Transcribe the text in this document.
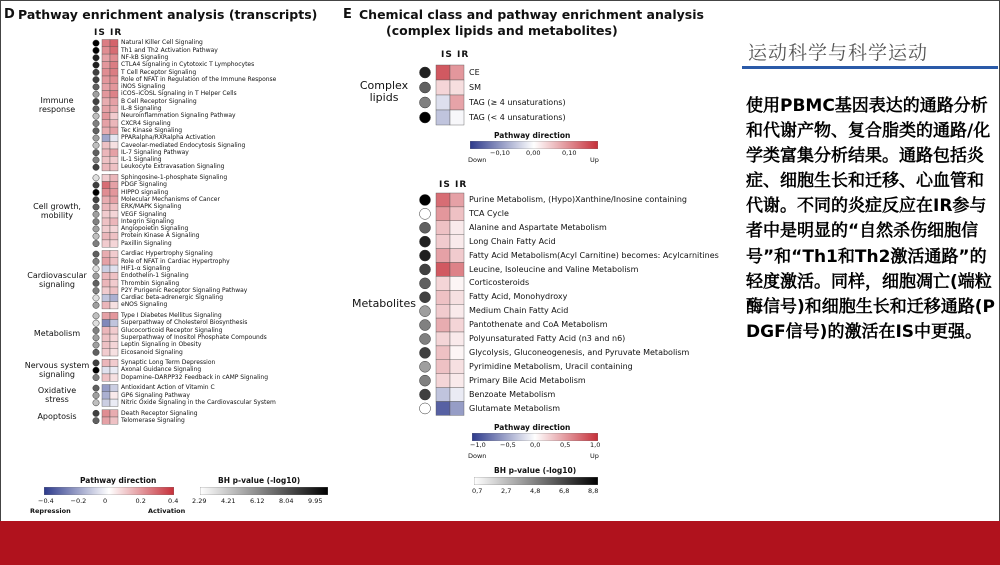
D Pathway enrichment analysis (transcripts)
IS IR
Natural Killer Cell Signaling
Th1 and Th2 Activation Pathway
NF-kB Signaling
CTLA4 Signaling in Cytotoxic T Lymphocytes
T Cell Receptor Signaling
Role of NFAT in Regulation of the Immune Response
iNOS Signaling
iCOS–iCOSL Signaling in T Helper Cells
B Cell Receptor Signaling
IL-8 Signaling
Neuroinflammation Signaling Pathway
CXCR4 Signaling
Tec Kinase Signaling
PPARalpha/RXRalpha Activation
Caveolar-mediated Endocytosis Signaling
IL-7 Signaling Pathway
IL-1 Signaling
Leukocyte Extravasation Signaling
Sphingosine-1-phosphate Signaling
PDGF Signaling
HIPPO signaling
Molecular Mechanisms of Cancer
ERK/MAPK Signaling
VEGF Signaling
Integrin Signaling
Angiopoietin Signaling
Protein Kinase A Signaling
Paxillin Signaling
Cardiac Hypertrophy Signaling
Role of NFAT in Cardiac Hypertrophy
HIF1-α Signaling
Endothelin-1 Signaling
Thrombin Signaling
P2Y Purigenic Receptor Signaling Pathway
Cardiac beta-adrenergic Signaling
eNOS Signaling
Type I Diabetes Mellitus Signaling
Superpathway of Cholesterol Biosynthesis
Glucocorticoid Receptor Signaling
Superpathway of Inositol Phosphate Compounds
Leptin Signaling in Obesity
Eicosanoid Signaling
Synaptic Long Term Depression
Axonal Guidance Signaling
Dopamine–DARPP32 Feedback in cAMP Signaling
Antioxidant Action of Vitamin C
GP6 Signaling Pathway
Nitric Oxide Signaling in the Cardiovascular System
Death Receptor Signaling
Telomerase Signaling
Immune
response
Cell growth,
mobility
Cardiovascular
signaling
Metabolism
Nervous system
signaling
Oxidative
stress
Apoptosis
Pathway direction
−0.4	−0.2	0	0.2	0.4
Repression	Activation
BH p-value (-log10)
2.29 4.21 6.12 8.04 9.95
E Chemical class and pathway enrichment analysis
(complex lipids and metabolites)
IS IR
IS IR
CE
SM
TAG (≥ 4 unsaturations)
TAG (< 4 unsaturations)
Purine Metabolism, (Hypo)Xanthine/Inosine containing
TCA Cycle
Alanine and Aspartate Metabolism
Long Chain Fatty Acid
Fatty Acid Metabolism(Acyl Carnitine) becomes: Acylcarnitines
Leucine, Isoleucine and Valine Metabolism
Corticosteroids
Fatty Acid, Monohydroxy
Medium Chain Fatty Acid
Pantothenate and CoA Metabolism
Polyunsaturated Fatty Acid (n3 and n6)
Glycolysis, Gluconeogenesis, and Pyruvate Metabolism
Pyrimidine Metabolism, Uracil containing
Primary Bile Acid Metabolism
Benzoate Metabolism
Glutamate Metabolism
Complex
lipids
Metabolites
Pathway direction
−0,10 0,00	0,10
Down	Up
Pathway direction
−1,0 −0,5 0,0	0,5	1,0
Down	Up
BH p-value (-log10)
0,7	2,7	4,8	6,8	8,8
运动科学与科学运动
使用PBMC基因表达的通路分析和代谢产物、复合脂类的通路/化学类富集分析结果。通路包括炎症、细胞生长和迁移、心血管和代谢。不同的炎症反应在IR参与者中是明显的“自然杀伤细胞信号”和“Th1和Th2激活通路”的轻度激活。同样，细胞凋亡(端粒酶信号)和细胞生长和迁移通路(PDGF信号)的激活在IS中更强。
